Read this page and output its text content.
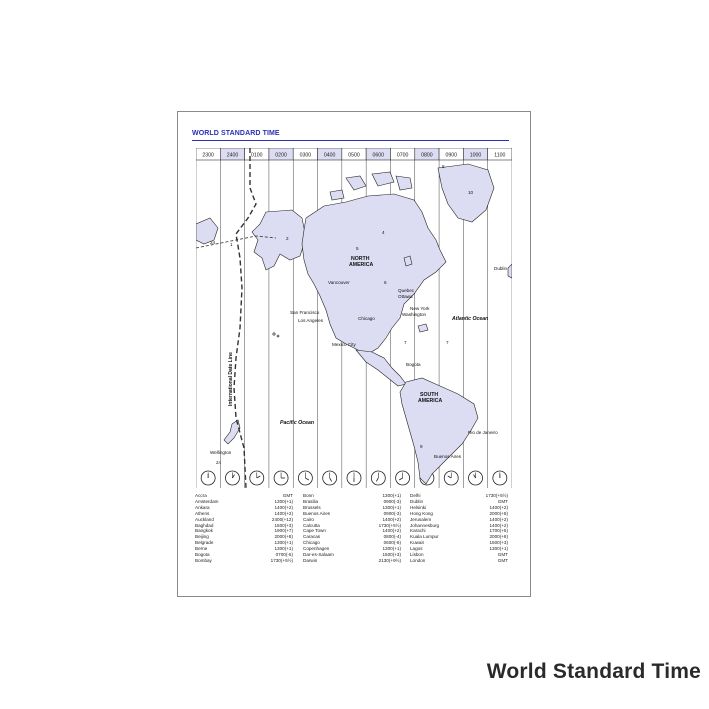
WORLD STANDARD TIME
2300 2400 0100 0200 0300 0400 0500 0600 0700 0800 0900 1000 1100
NORTH
AMERICA
SOUTH
AMERICA
Pacific Ocean
Atlantic Ocean
International Date Line
Vancouver
Quebec
Ottawa
Chicago
New York
Washington
San Francisco
Los Angeles
Mexico City
Bogota
Rio de Janeiro
Buenos Aires
Wellington
Dublin
24	1
2
4
5
6
7
8
9
10
7
24
Accra	GMT
Amsterdam	1300(+1)
Ankara	1400(+2)
Athens	1400(+2)
Auckland	2400(+12)
Baghdad	1500(+3)
Bangkok	1900(+7)
Beijing	2000(+8)
Belgrade	1300(+1)
Berne	1300(+1)
Bogota	0700(-5)
Bombay	1730(+5½)
Bonn	1300(+1)
Brasilia	0900(-3)
Brussels	1300(+1)
Buenos Aires	0900(-3)
Cairo	1400(+2)
Calcutta	1730(+5½)
Cape Town	1400(+2)
Caracas	0800(-4)
Chicago	0600(-6)
Copenhagen	1300(+1)
Dar-es-Salaam	1500(+3)
Darwin	2130(+9½)
Delhi	1730(+5½)
Dublin	GMT
Helsinki	1400(+2)
Hong Kong	2000(+8)
Jerusalem	1400(+2)
Johannesburg	1400(+2)
Karachi	1700(+5)
Kuala Lumpur	2000(+8)
Kuwait	1500(+3)
Lagos	1300(+1)
Lisbon	GMT
London	GMT
World Standard Time
